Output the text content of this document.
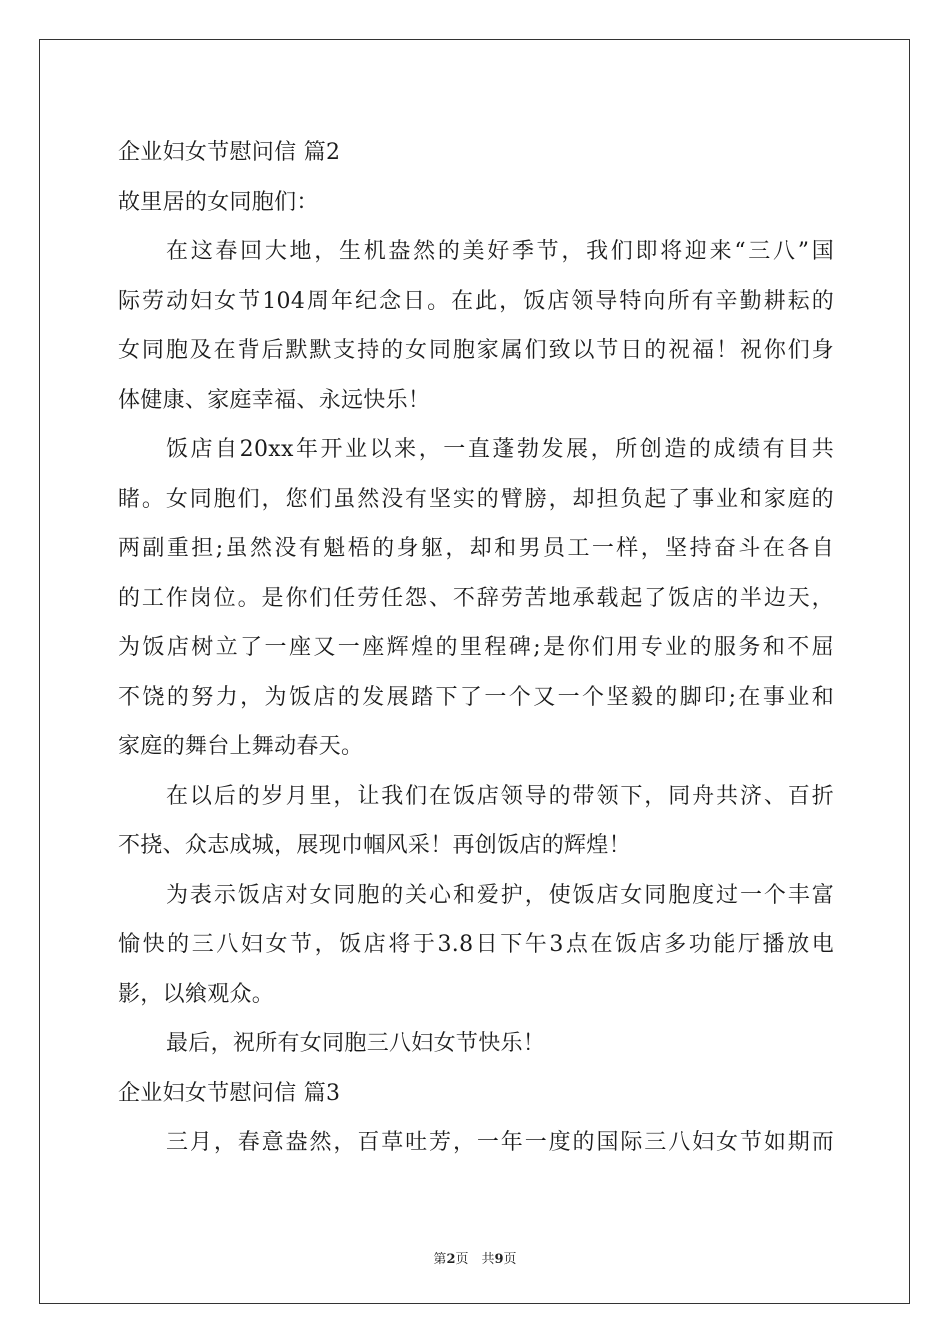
企业妇女节慰问信 篇2
故里居的女同胞们：
在这春回大地，生机盎然的美好季节，我们即将迎来“三八”国
际劳动妇女节104周年纪念日。在此，饭店领导特向所有辛勤耕耘的
女同胞及在背后默默支持的女同胞家属们致以节日的祝福！祝你们身
体健康、家庭幸福、永远快乐！
饭店自20xx年开业以来，一直蓬勃发展，所创造的成绩有目共
睹。女同胞们，您们虽然没有坚实的臂膀，却担负起了事业和家庭的
两副重担;虽然没有魁梧的身躯，却和男员工一样，坚持奋斗在各自
的工作岗位。是你们任劳任怨、不辞劳苦地承载起了饭店的半边天，
为饭店树立了一座又一座辉煌的里程碑;是你们用专业的服务和不屈
不饶的努力，为饭店的发展踏下了一个又一个坚毅的脚印;在事业和
家庭的舞台上舞动春天。
在以后的岁月里，让我们在饭店领导的带领下，同舟共济、百折
不挠、众志成城，展现巾帼风采！再创饭店的辉煌！
为表示饭店对女同胞的关心和爱护，使饭店女同胞度过一个丰富
愉快的三八妇女节，饭店将于3.8日下午3点在饭店多功能厅播放电
影，以飨观众。
最后，祝所有女同胞三八妇女节快乐！
企业妇女节慰问信 篇3
三月，春意盎然，百草吐芳，一年一度的国际三八妇女节如期而
第2页　共9页
